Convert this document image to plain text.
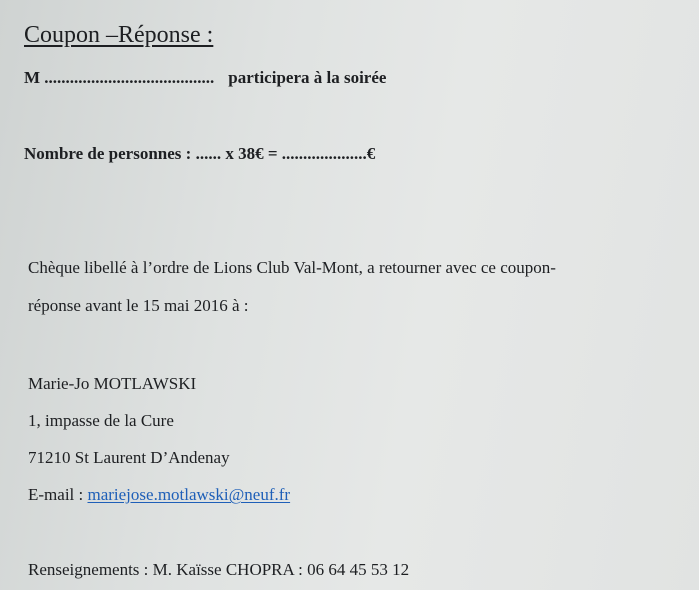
Coupon –Réponse :
M ........................................ participera à la soirée
Nombre de personnes : ...... x 38€ = ....................€
Chèque libellé à l’ordre de Lions Club Val-Mont, a retourner avec ce coupon-
réponse avant le 15 mai 2016 à :
Marie-Jo MOTLAWSKI
1, impasse de la Cure
71210 St Laurent D’Andenay
E-mail : mariejose.motlawski@neuf.fr
Renseignements : M. Kaïsse CHOPRA : 06 64 45 53 12
